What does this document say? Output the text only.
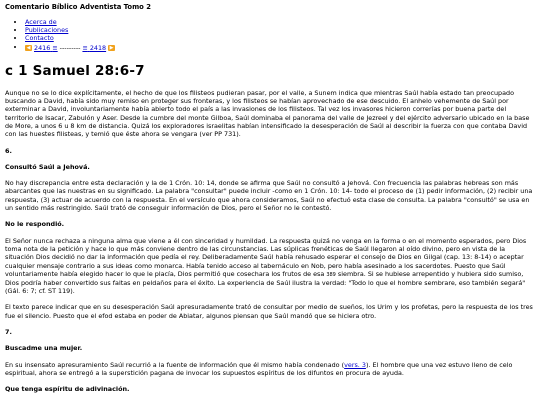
Comentario Bíblico Adventista Tomo 2
• Acerca de
• Publicaciones
• Contacto
• ◀ 2416 ≡ --------- ≡ 2418 ▶
c 1 Samuel 28:6-7

Aunque no se lo dice explícitamente, el hecho de que los filisteos pudieran pasar, por el valle, a Sunem indica que mientras Saúl había estado tan preocupado buscando a David, había sido muy remiso en proteger sus fronteras, y los filisteos se habían aprovechado de ese descuido. El anhelo vehemente de Saúl por exterminar a David, involuntariamente había abierto todo el país a las invasiones de los filisteos. Tal vez los invasores hicieron correrías por buena parte del territorio de Isacar, Zabulón y Aser. Desde la cumbre del monte Gilboa, Saúl dominaba el panorama del valle de Jezreel y del ejército adversario ubicado en la base de More, a unos 6 u 8 km de distancia. Quizá los exploradores israelitas habían intensificado la desesperación de Saúl al describir la fuerza con que contaba David con las huestes filisteas, y temió que éste ahora se vengara (ver PP 731).

6.
Consultó Saúl a Jehová.

No hay discrepancia entre esta declaración y la de 1 Crón. 10: 14, donde se afirma que Saúl no consultó a Jehová. Con frecuencia las palabras hebreas son más abarcantes que las nuestras en su significado. La palabra "consultar" puede incluir -como en 1 Crón. 10: 14- todo el proceso de (1) pedir información, (2) recibir una respuesta, (3) actuar de acuerdo con la respuesta. En el versículo que ahora consideramos, Saúl no efectuó esta clase de consulta. La palabra "consultó" se usa en un sentido más restringido. Saúl trató de conseguir información de Dios, pero el Señor no le contestó.

No le respondió.

El Señor nunca rechaza a ninguna alma que viene a él con sinceridad y humildad. La respuesta quizá no venga en la forma o en el momento esperados, pero Dios toma nota de la petición y hace lo que más conviene dentro de las circunstancias. Las súplicas frenéticas de Saúl llegaron al oído divino, pero en vista de la situación Dios decidió no dar la información que pedía el rey. Deliberadamente Saúl había rehusado esperar el consejo de Dios en Gilgal (cap. 13: 8-14) o aceptar cualquier mensaje contrario a sus ideas como monarca. Había tenido acceso al tabernáculo en Nob, pero había asesinado a los sacerdotes. Puesto que Saúl voluntariamente había elegido hacer lo que le placía, Dios permitió que cosechara los frutos de esa 389 siembra. Si se hubiese arrepentido y hubiera sido sumiso, Dios podría haber convertido sus faltas en peldaños para el éxito. La experiencia de Saúl ilustra la verdad: "Todo lo que el hombre sembrare, eso también segará" (Gál. 6: 7; cf. ST 119).

El texto parece indicar que en su desesperación Saúl apresuradamente trató de consultar por medio de sueños, los Urim y los profetas, pero la respuesta de los tres fue el silencio. Puesto que el efod estaba en poder de Abiatar, algunos piensan que Saúl mandó que se hiciera otro.

7.
Buscadme una mujer.

En su insensato apresuramiento Saúl recurrió a la fuente de información que él mismo había condenado (vers. 3). El hombre que una vez estuvo lleno de celo espiritual, ahora se entregó a la superstición pagana de invocar los supuestos espíritus de los difuntos en procura de ayuda.

Que tenga espíritu de adivinación.
